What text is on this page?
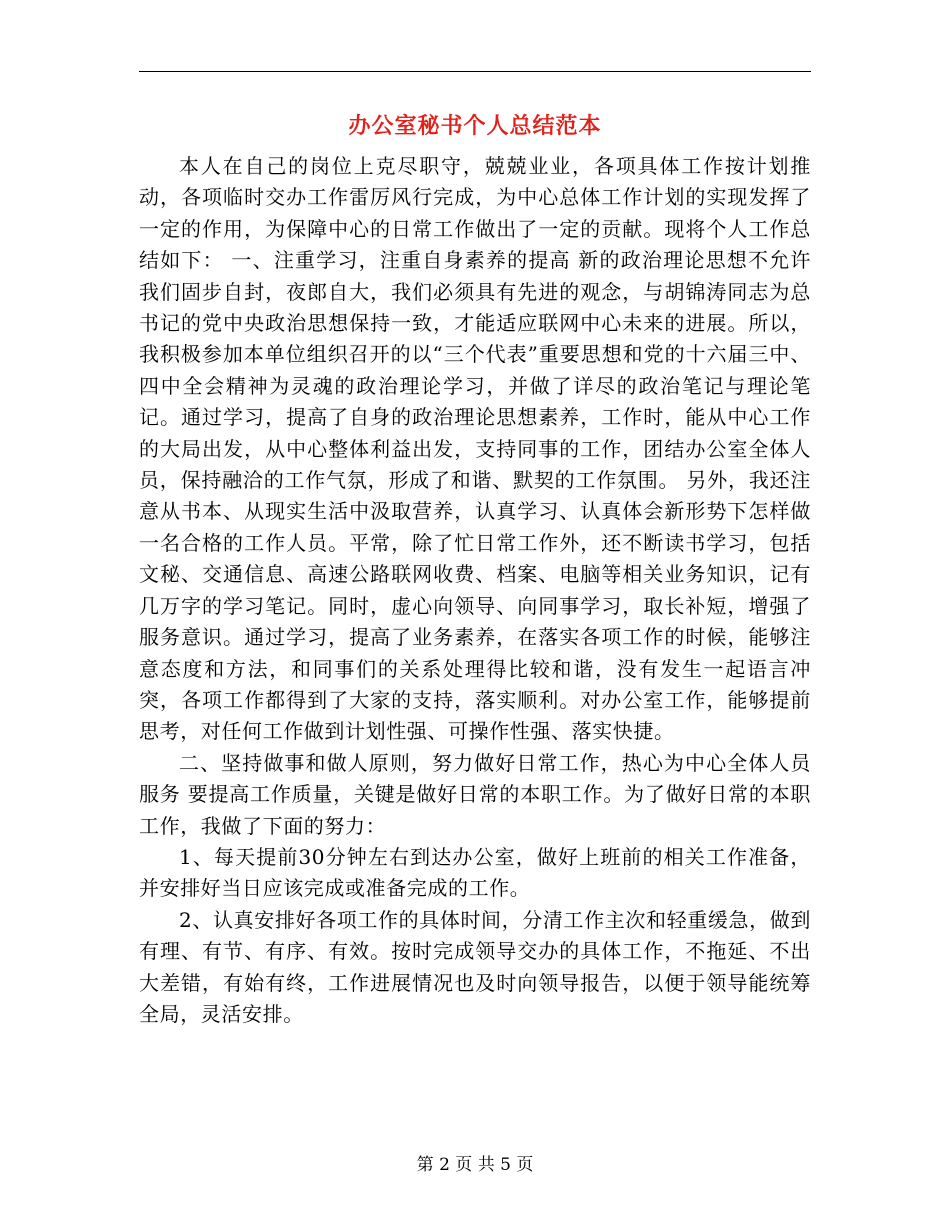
办公室秘书个人总结范本

本人在自己的岗位上克尽职守，兢兢业业，各项具体工作按计划推动，各项临时交办工作雷厉风行完成，为中心总体工作计划的实现发挥了一定的作用，为保障中心的日常工作做出了一定的贡献。现将个人工作总结如下： 一、注重学习，注重自身素养的提高 新的政治理论思想不允许我们固步自封，夜郎自大，我们必须具有先进的观念，与胡锦涛同志为总书记的党中央政治思想保持一致，才能适应联网中心未来的进展。所以，我积极参加本单位组织召开的以“三个代表”重要思想和党的十六届三中、四中全会精神为灵魂的政治理论学习，并做了详尽的政治笔记与理论笔记。通过学习，提高了自身的政治理论思想素养，工作时，能从中心工作的大局出发，从中心整体利益出发，支持同事的工作，团结办公室全体人员，保持融洽的工作气氛，形成了和谐、默契的工作氛围。 另外，我还注意从书本、从现实生活中汲取营养，认真学习、认真体会新形势下怎样做一名合格的工作人员。平常，除了忙日常工作外，还不断读书学习，包括文秘、交通信息、高速公路联网收费、档案、电脑等相关业务知识，记有几万字的学习笔记。同时，虚心向领导、向同事学习，取长补短，增强了服务意识。通过学习，提高了业务素养，在落实各项工作的时候，能够注意态度和方法，和同事们的关系处理得比较和谐，没有发生一起语言冲突，各项工作都得到了大家的支持，落实顺利。对办公室工作，能够提前思考，对任何工作做到计划性强、可操作性强、落实快捷。

二、坚持做事和做人原则，努力做好日常工作，热心为中心全体人员服务 要提高工作质量，关键是做好日常的本职工作。为了做好日常的本职工作，我做了下面的努力：

1、每天提前30分钟左右到达办公室，做好上班前的相关工作准备，并安排好当日应该完成或准备完成的工作。

2、认真安排好各项工作的具体时间，分清工作主次和轻重缓急，做到有理、有节、有序、有效。按时完成领导交办的具体工作，不拖延、不出大差错，有始有终，工作进展情况也及时向领导报告，以便于领导能统筹全局，灵活安排。

第 2 页 共 5 页
